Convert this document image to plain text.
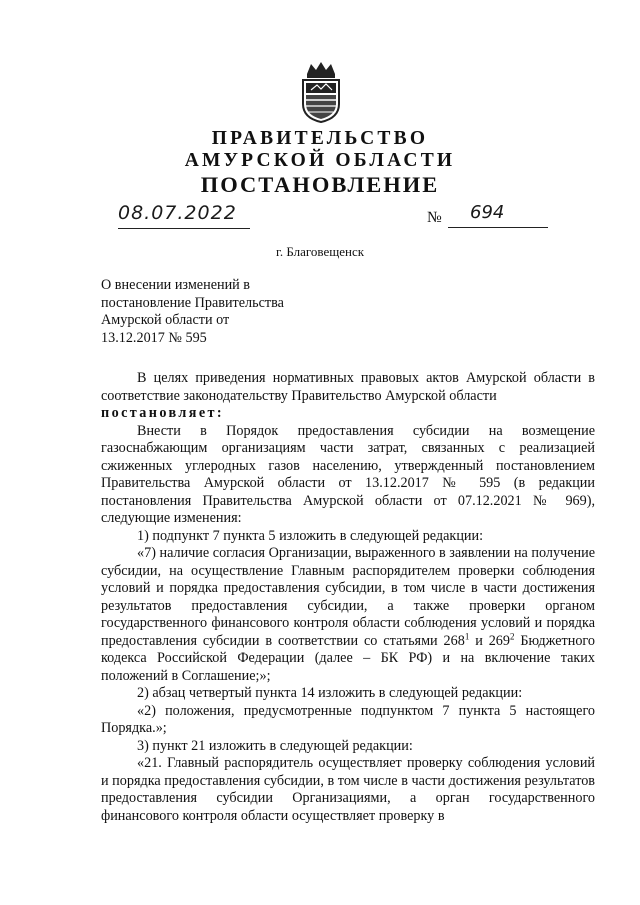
ПРАВИТЕЛЬСТВО
АМУРСКОЙ ОБЛАСТИ
ПОСТАНОВЛЕНИЕ
08.07.2022	№ 694
г. Благовещенск
О внесении изменений в
постановление Правительства
Амурской области от
13.12.2017 № 595

В целях приведения нормативных правовых актов Амурской области в соответствие законодательству Правительство Амурской области

постановляет:

Внести в Порядок предоставления субсидии на возмещение газоснабжающим организациям части затрат, связанных с реализацией сжиженных углеродных газов населению, утвержденный постановлением Правительства Амурской области от 13.12.2017 № 595 (в редакции постановления Правительства Амурской области от 07.12.2021 № 969), следующие изменения:

1) подпункт 7 пункта 5 изложить в следующей редакции:

«7) наличие согласия Организации, выраженного в заявлении на получение субсидии, на осуществление Главным распорядителем проверки соблюдения условий и порядка предоставления субсидии, в том числе в части достижения результатов предоставления субсидии, а также проверки органом государственного финансового контроля области соблюдения условий и порядка предоставления субсидии в соответствии со статьями $268^1$ и $269^2$ Бюджетного кодекса Российской Федерации (далее – БК РФ) и на включение таких положений в Соглашение;»;

2) абзац четвертый пункта 14 изложить в следующей редакции:

«2) положения, предусмотренные подпунктом 7 пункта 5 настоящего Порядка.»;

3) пункт 21 изложить в следующей редакции:

«21. Главный распорядитель осуществляет проверку соблюдения условий и порядка предоставления субсидии, в том числе в части достижения результатов предоставления субсидии Организациями, а орган государственного финансового контроля области осуществляет проверку в
